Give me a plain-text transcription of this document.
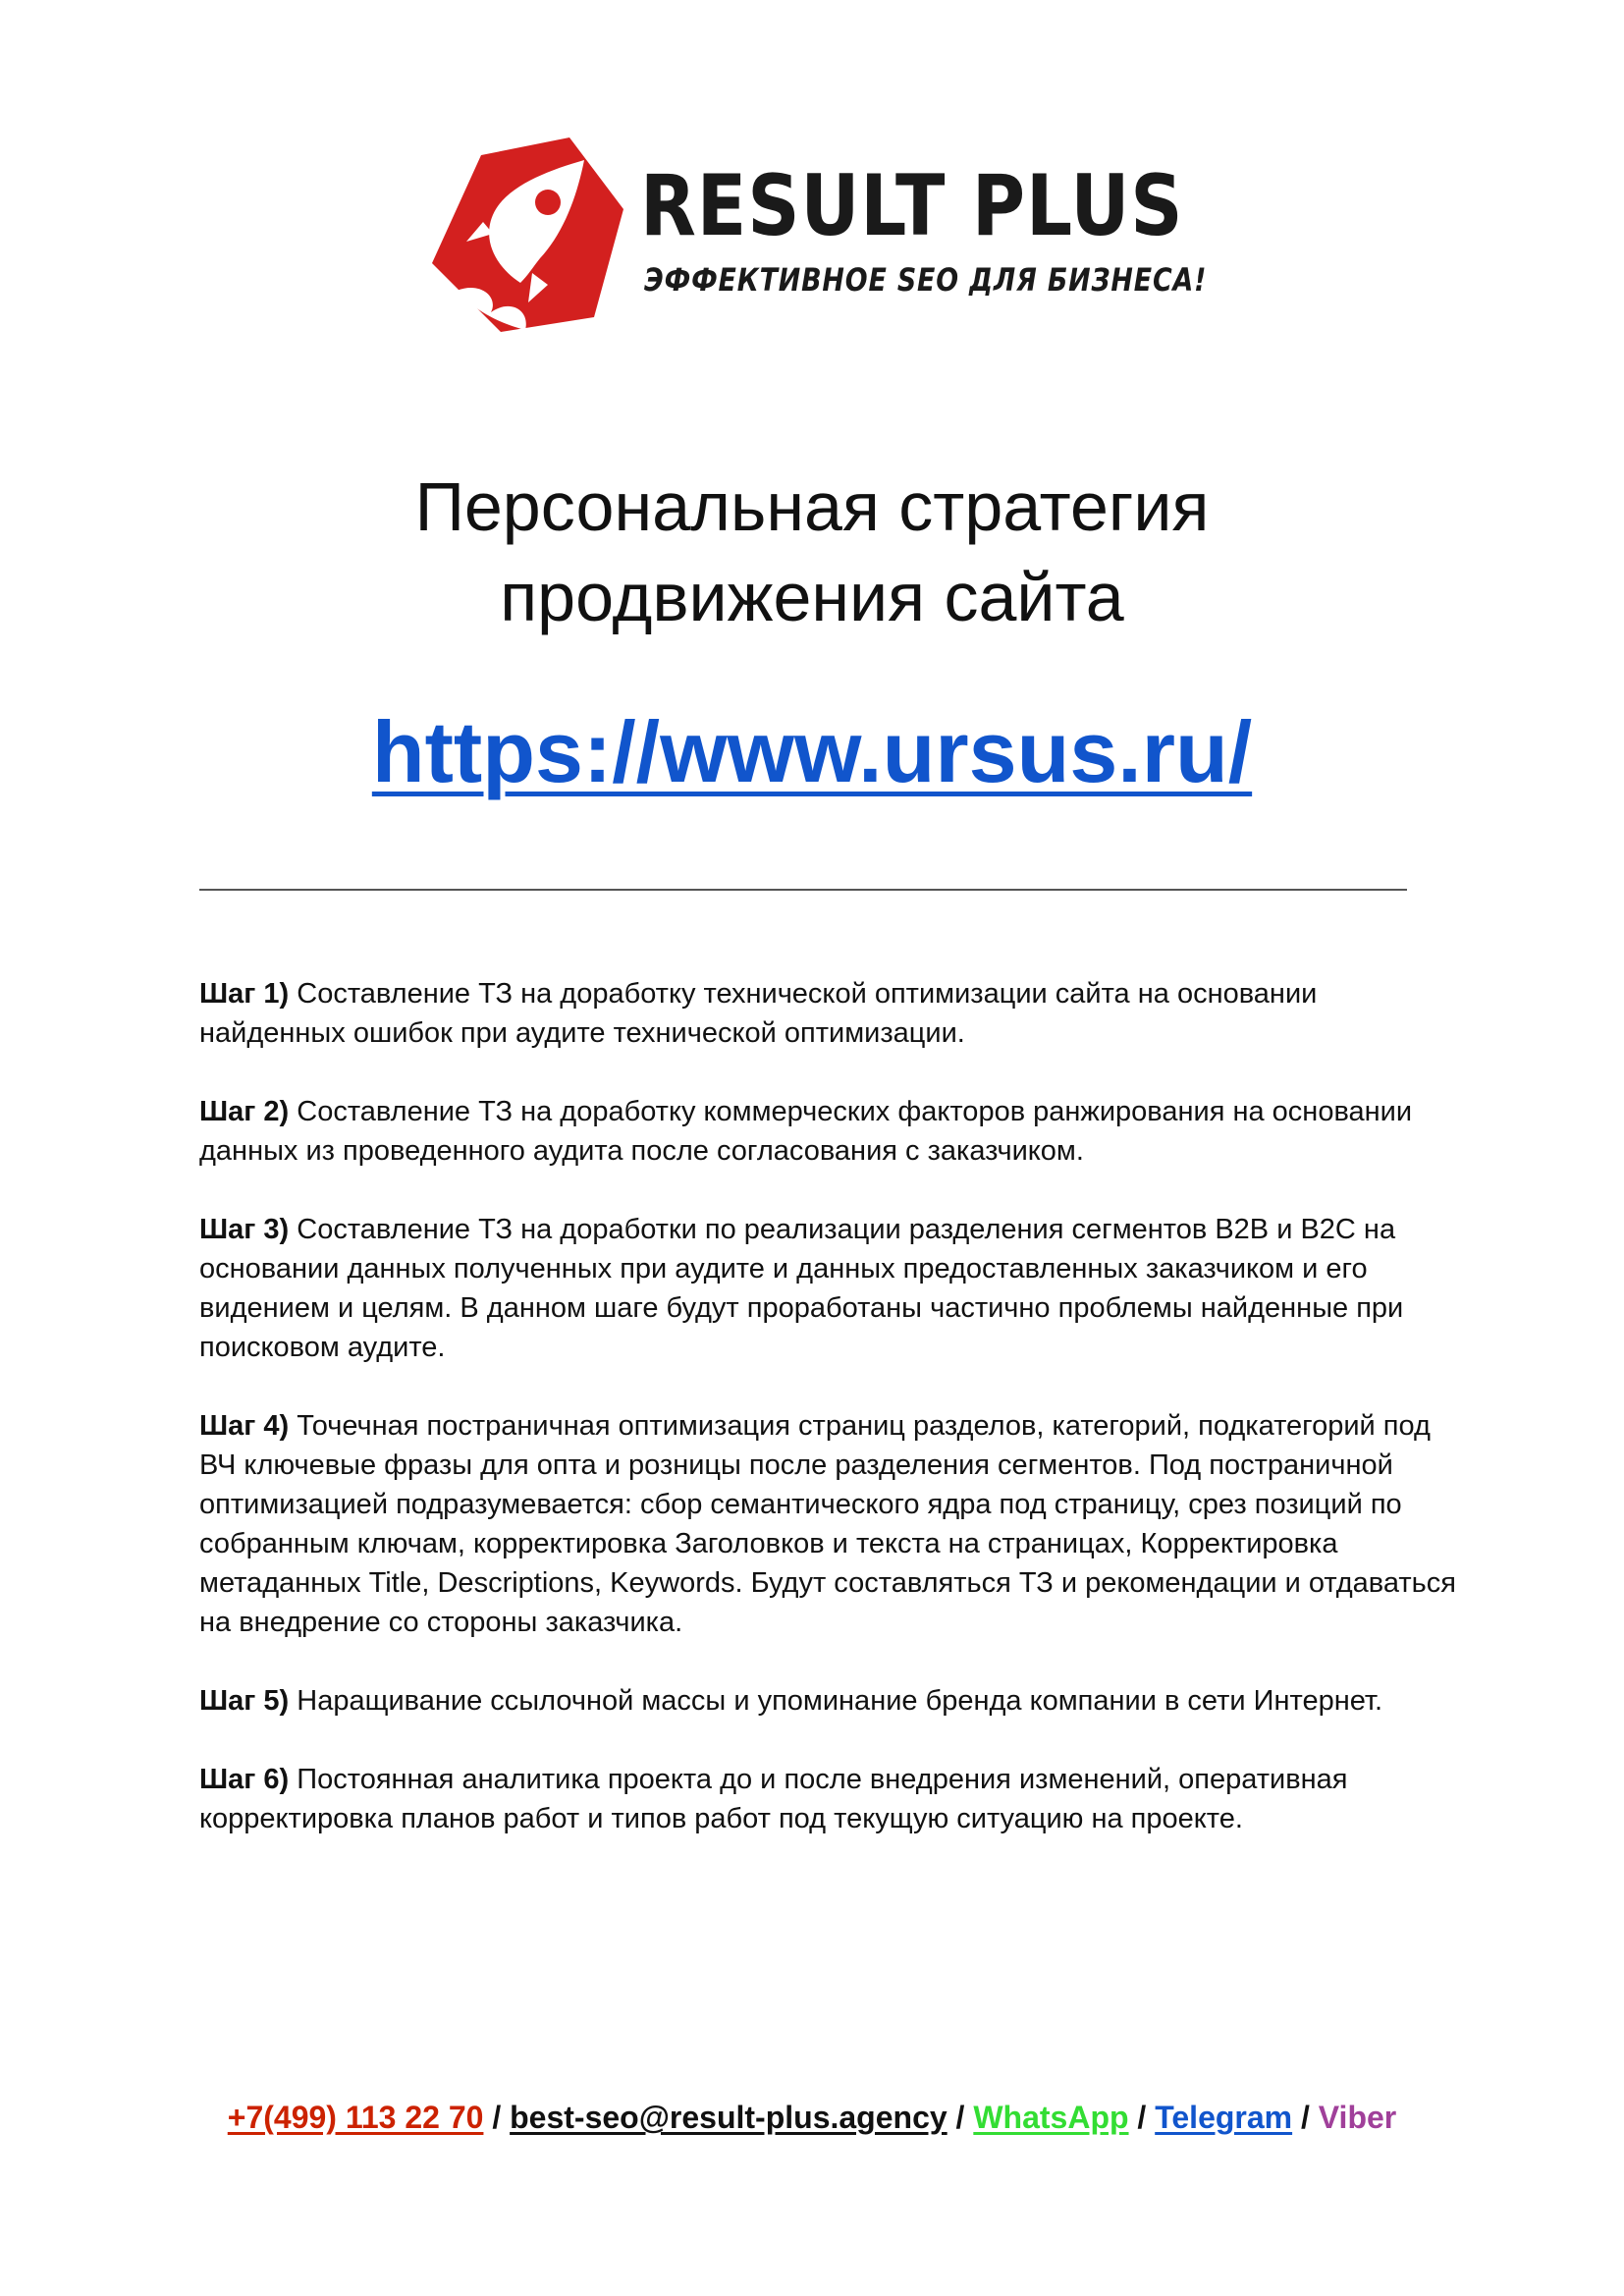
RESULT PLUS
ЭФФЕКТИВНОЕ SEO ДЛЯ БИЗНЕСА!
Персональная стратегия
продвижения сайта
https://www.ursus.ru/

Шаг 1) Составление ТЗ на доработку технической оптимизации сайта на основании найденных ошибок при аудите технической оптимизации.

Шаг 2) Составление ТЗ на доработку коммерческих факторов ранжирования на основании данных из проведенного аудита после согласования с заказчиком.

Шаг 3) Составление ТЗ на доработки по реализации разделения сегментов B2B и B2C на основании данных полученных при аудите и данных предоставленных заказчиком и его видением и целям. В данном шаге будут проработаны частично проблемы найденные при поисковом аудите.

Шаг 4) Точечная постраничная оптимизация страниц разделов, категорий, подкатегорий под ВЧ ключевые фразы для опта и розницы после разделения сегментов. Под постраничной оптимизацией подразумевается: сбор семантического ядра под страницу, срез позиций по собранным ключам, корректировка Заголовков и текста на страницах, Корректировка метаданных Title, Descriptions, Keywords. Будут составляться ТЗ и рекомендации и отдаваться на внедрение со стороны заказчика.

Шаг 5) Наращивание ссылочной массы и упоминание бренда компании в сети Интернет.

Шаг 6) Постоянная аналитика проекта до и после внедрения изменений, оперативная корректировка планов работ и типов работ под текущую ситуацию на проекте.

+7(499) 113 22 70 / best-seo@result-plus.agency / WhatsApp / Telegram / Viber
